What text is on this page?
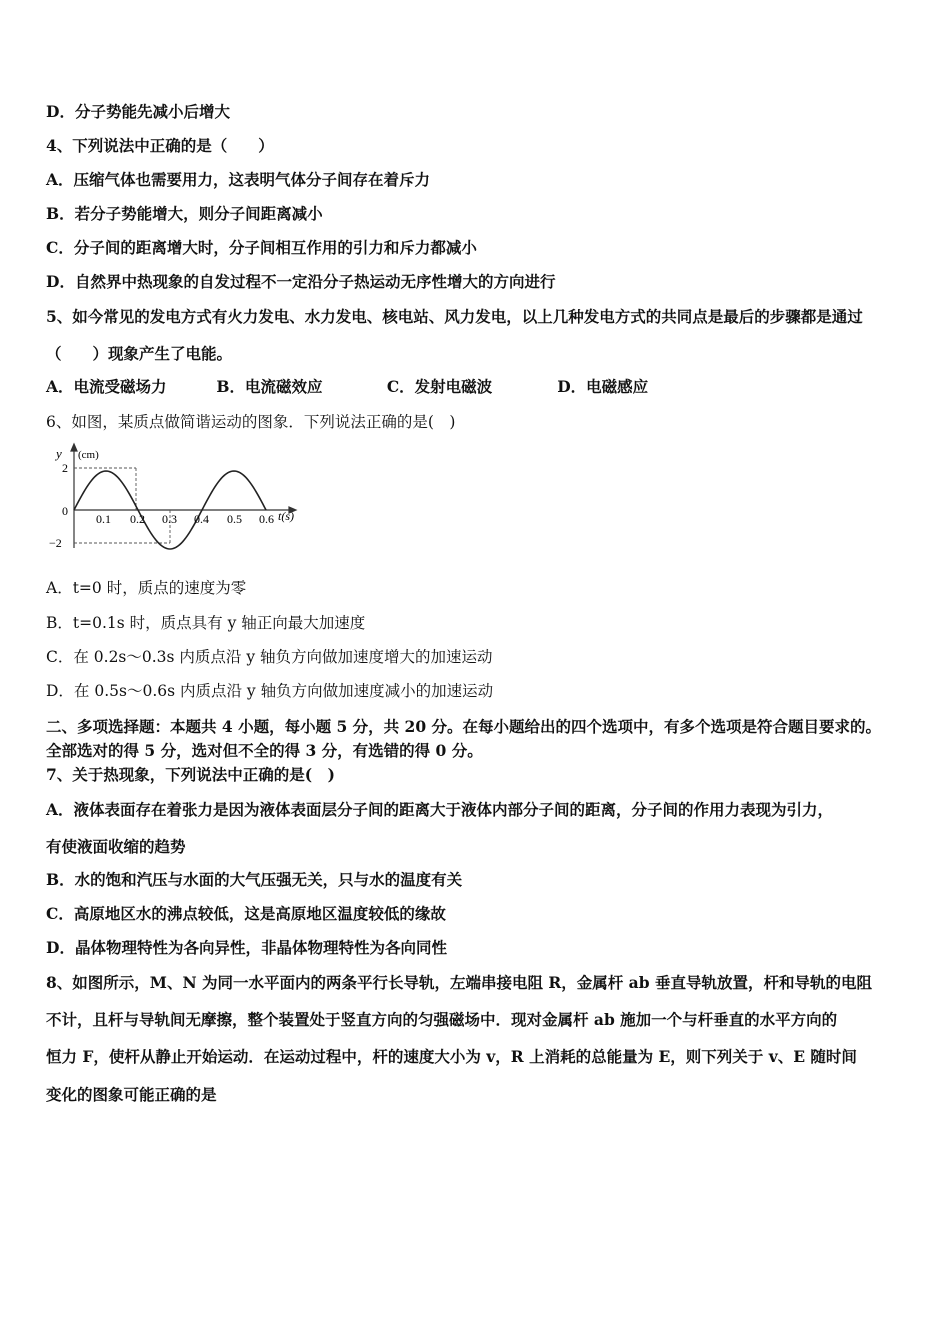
D．分子势能先减小后增大
4、下列说法中正确的是（　　）
A．压缩气体也需要用力，这表明气体分子间存在着斥力
B．若分子势能增大，则分子间距离减小
C．分子间的距离增大时，分子间相互作用的引力和斥力都减小
D．自然界中热现象的自发过程不一定沿分子热运动无序性增大的方向进行
5、如今常见的发电方式有火力发电、水力发电、核电站、风力发电，以上几种发电方式的共同点是最后的步骤都是通过
（　　）现象产生了电能。
A．电流受磁场力	B．电流磁效应	C．发射电磁波	D．电磁感应
6、如图，某质点做简谐运动的图象．下列说法正确的是(　)
y (cm)
2
0
−2
0.1 0.2 0.3 0.4 0.5 0.6 t(s)
A．t=0 时，质点的速度为零
B．t=0.1s 时，质点具有 y 轴正向最大加速度
C．在 0.2s～0.3s 内质点沿 y 轴负方向做加速度增大的加速运动
D．在 0.5s～0.6s 内质点沿 y 轴负方向做加速度减小的加速运动
二、多项选择题：本题共 4 小题，每小题 5 分，共 20 分。在每小题给出的四个选项中，有多个选项是符合题目要求的。
全部选对的得 5 分，选对但不全的得 3 分，有选错的得 0 分。
7、关于热现象，下列说法中正确的是(　)
A．液体表面存在着张力是因为液体表面层分子间的距离大于液体内部分子间的距离，分子间的作用力表现为引力，
有使液面收缩的趋势
B．水的饱和汽压与水面的大气压强无关，只与水的温度有关
C．高原地区水的沸点较低，这是高原地区温度较低的缘故
D．晶体物理特性为各向异性，非晶体物理特性为各向同性
8、如图所示，M、N 为同一水平面内的两条平行长导轨，左端串接电阻 R，金属杆 ab 垂直导轨放置，杆和导轨的电阻
不计，且杆与导轨间无摩擦，整个装置处于竖直方向的匀强磁场中．现对金属杆 ab 施加一个与杆垂直的水平方向的
恒力 F，使杆从静止开始运动．在运动过程中，杆的速度大小为 v，R 上消耗的总能量为 E，则下列关于 v、E 随时间
变化的图象可能正确的是
